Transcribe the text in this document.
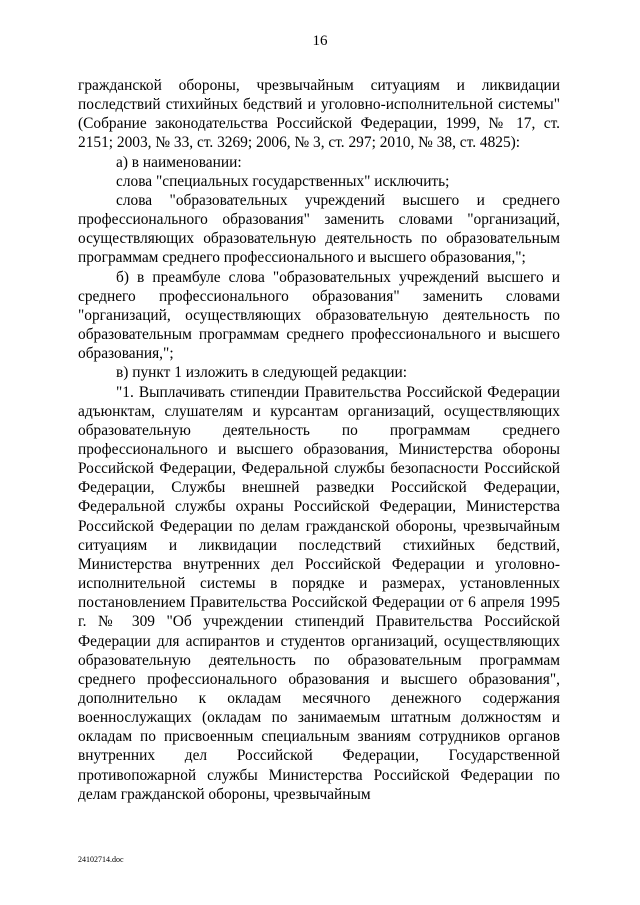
16

гражданской обороны, чрезвычайным ситуациям и ликвидации последствий стихийных бедствий и уголовно-исполнительной системы" (Собрание законодательства Российской Федерации, 1999, № 17, ст. 2151; 2003, № 33, ст. 3269; 2006, № 3, ст. 297; 2010, № 38, ст. 4825):

а) в наименовании:

слова "специальных государственных" исключить;

слова "образовательных учреждений высшего и среднего профессионального образования" заменить словами "организаций, осуществляющих образовательную деятельность по образовательным программам среднего профессионального и высшего образования,";

б) в преамбуле слова "образовательных учреждений высшего и среднего профессионального образования" заменить словами "организаций, осуществляющих образовательную деятельность по образовательным программам среднего профессионального и высшего образования,";

в) пункт 1 изложить в следующей редакции:

"1. Выплачивать стипендии Правительства Российской Федерации адъюнктам, слушателям и курсантам организаций, осуществляющих образовательную деятельность по программам среднего профессионального и высшего образования, Министерства обороны Российской Федерации, Федеральной службы безопасности Российской Федерации, Службы внешней разведки Российской Федерации, Федеральной службы охраны Российской Федерации, Министерства Российской Федерации по делам гражданской обороны, чрезвычайным ситуациям и ликвидации последствий стихийных бедствий, Министерства внутренних дел Российской Федерации и уголовно-исполнительной системы в порядке и размерах, установленных постановлением Правительства Российской Федерации от 6 апреля 1995 г. № 309 "Об учреждении стипендий Правительства Российской Федерации для аспирантов и студентов организаций, осуществляющих образовательную деятельность по образовательным программам среднего профессионального образования и высшего образования", дополнительно к окладам месячного денежного содержания военнослужащих (окладам по занимаемым штатным должностям и окладам по присвоенным специальным званиям сотрудников органов внутренних дел Российской Федерации, Государственной противопожарной службы Министерства Российской Федерации по делам гражданской обороны, чрезвычайным

24102714.doc
